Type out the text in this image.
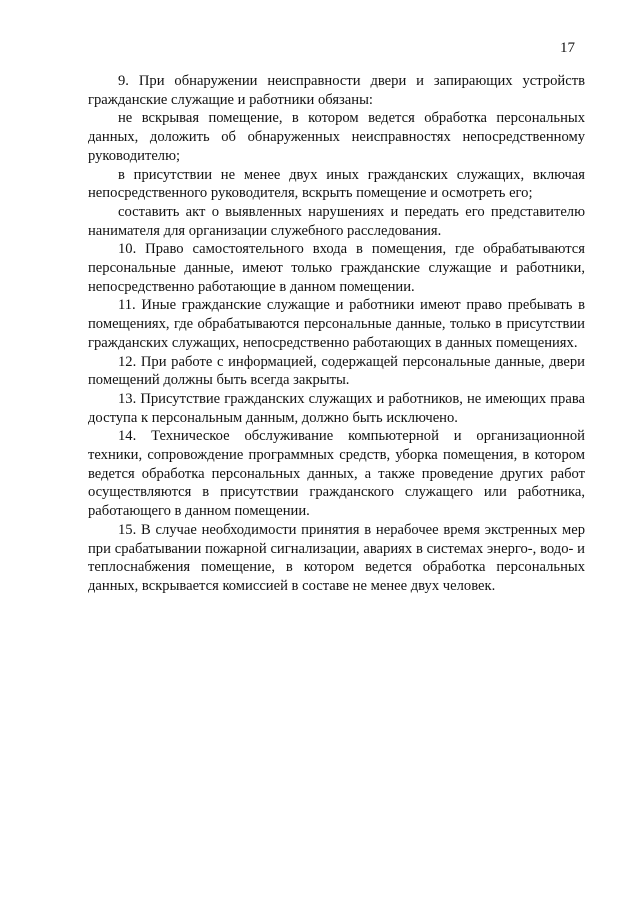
17

9. При обнаружении неисправности двери и запирающих устройств гражданские служащие и работники обязаны:

не вскрывая помещение, в котором ведется обработка персональных данных, доложить об обнаруженных неисправностях непосредственному руководителю;

в присутствии не менее двух иных гражданских служащих, включая непосредственного руководителя, вскрыть помещение и осмотреть его;

составить акт о выявленных нарушениях и передать его представителю нанимателя для организации служебного расследования.

10. Право самостоятельного входа в помещения, где обрабатываются персональные данные, имеют только гражданские служащие и работники, непосредственно работающие в данном помещении.

11. Иные гражданские служащие и работники имеют право пребывать в помещениях, где обрабатываются персональные данные, только в присутствии гражданских служащих, непосредственно работающих в данных помещениях.

12. При работе с информацией, содержащей персональные данные, двери помещений должны быть всегда закрыты.

13. Присутствие гражданских служащих и работников, не имеющих права доступа к персональным данным, должно быть исключено.

14. Техническое обслуживание компьютерной и организационной техники, сопровождение программных средств, уборка помещения, в котором ведется обработка персональных данных, а также проведение других работ осуществляются в присутствии гражданского служащего или работника, работающего в данном помещении.

15. В случае необходимости принятия в нерабочее время экстренных мер при срабатывании пожарной сигнализации, авариях в системах энерго-, водо- и теплоснабжения помещение, в котором ведется обработка персональных данных, вскрывается комиссией в составе не менее двух человек.
